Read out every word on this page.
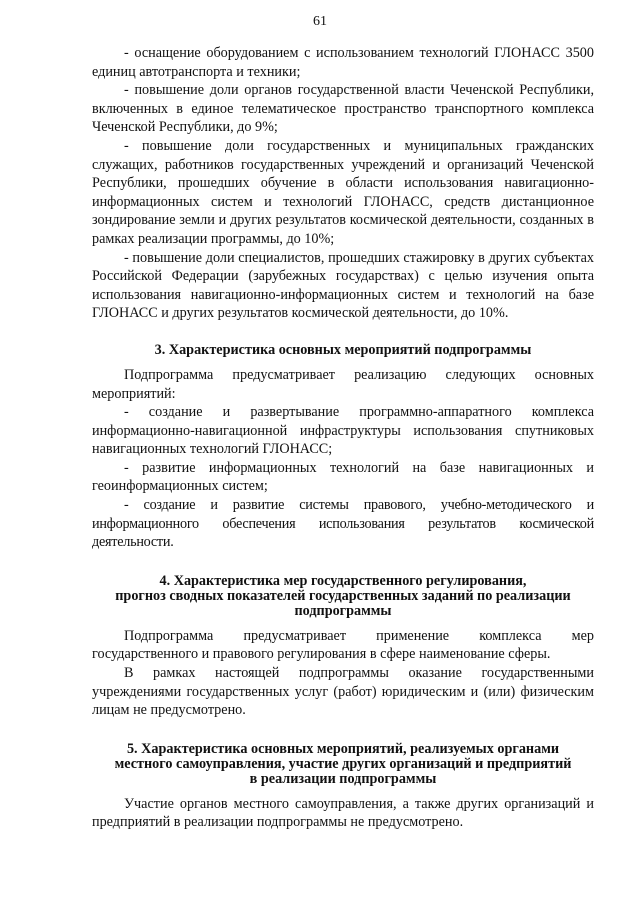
61

- оснащение оборудованием с использованием технологий ГЛОНАСС 3500 единиц автотранспорта и техники;

- повышение доли органов государственной власти Чеченской Республики, включенных в единое телематическое пространство транспортного комплекса Чеченской Республики, до 9%;

- повышение доли государственных и муниципальных гражданских служащих, работников государственных учреждений и организаций Чеченской Республики, прошедших обучение в области использования навигационно-информационных систем и технологий ГЛОНАСС, средств дистанционное зондирование земли и других результатов космической деятельности, созданных в рамках реализации программы, до 10%;

- повышение доли специалистов, прошедших стажировку в других субъектах Российской Федерации (зарубежных государствах) с целью изучения опыта использования навигационно-информационных систем и технологий на базе ГЛОНАСС и других результатов космической деятельности, до 10%.

3. Характеристика основных мероприятий подпрограммы

Подпрограмма предусматривает реализацию следующих основных мероприятий:

- создание и развертывание программно-аппаратного комплекса информационно-навигационной инфраструктуры использования спутниковых навигационных технологий ГЛОНАСС;

- развитие информационных технологий на базе навигационных и геоинформационных систем;

- создание и развитие системы правового, учебно-методического и информационного обеспечения использования результатов космической деятельности.

4. Характеристика мер государственного регулирования,
прогноз сводных показателей государственных заданий по реализации
подпрограммы

Подпрограмма предусматривает применение комплекса мер государственного и правового регулирования в сфере наименование сферы.

В рамках настоящей подпрограммы оказание государственными учреждениями государственных услуг (работ) юридическим и (или) физическим лицам не предусмотрено.

5. Характеристика основных мероприятий, реализуемых органами
местного самоуправления, участие других организаций и предприятий
в реализации подпрограммы

Участие органов местного самоуправления, а также других организаций и предприятий в реализации подпрограммы не предусмотрено.
